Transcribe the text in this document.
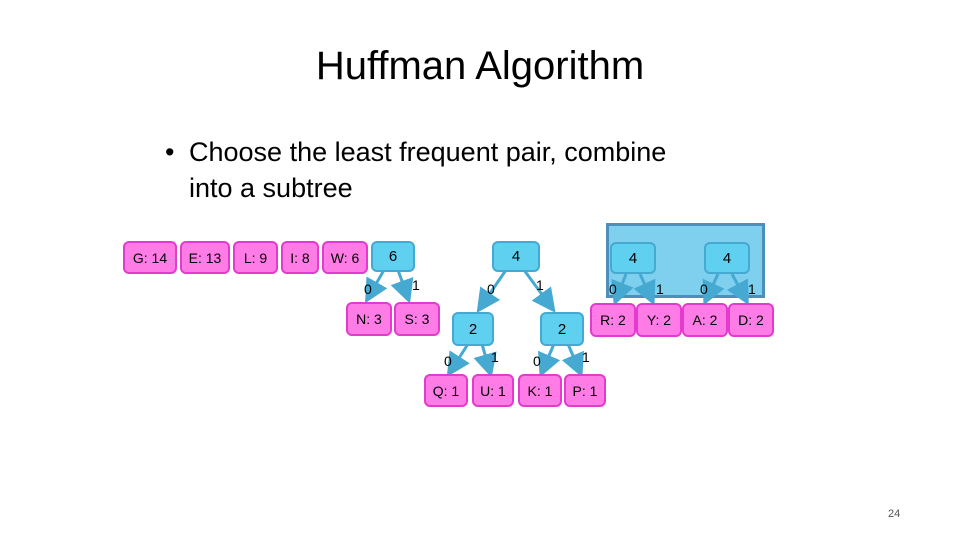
Huffman Algorithm
• Choose the least frequent pair, combine into a subtree
G: 14	E: 13	L: 9	I: 8	W: 6	6
0	1
N: 3	S: 3
4
0	1
2
0	1
Q: 1	U: 1
2
0	1
K: 1	P: 1
4
0	1
4
0	1
R: 2	Y: 2	A: 2	D: 2
24
